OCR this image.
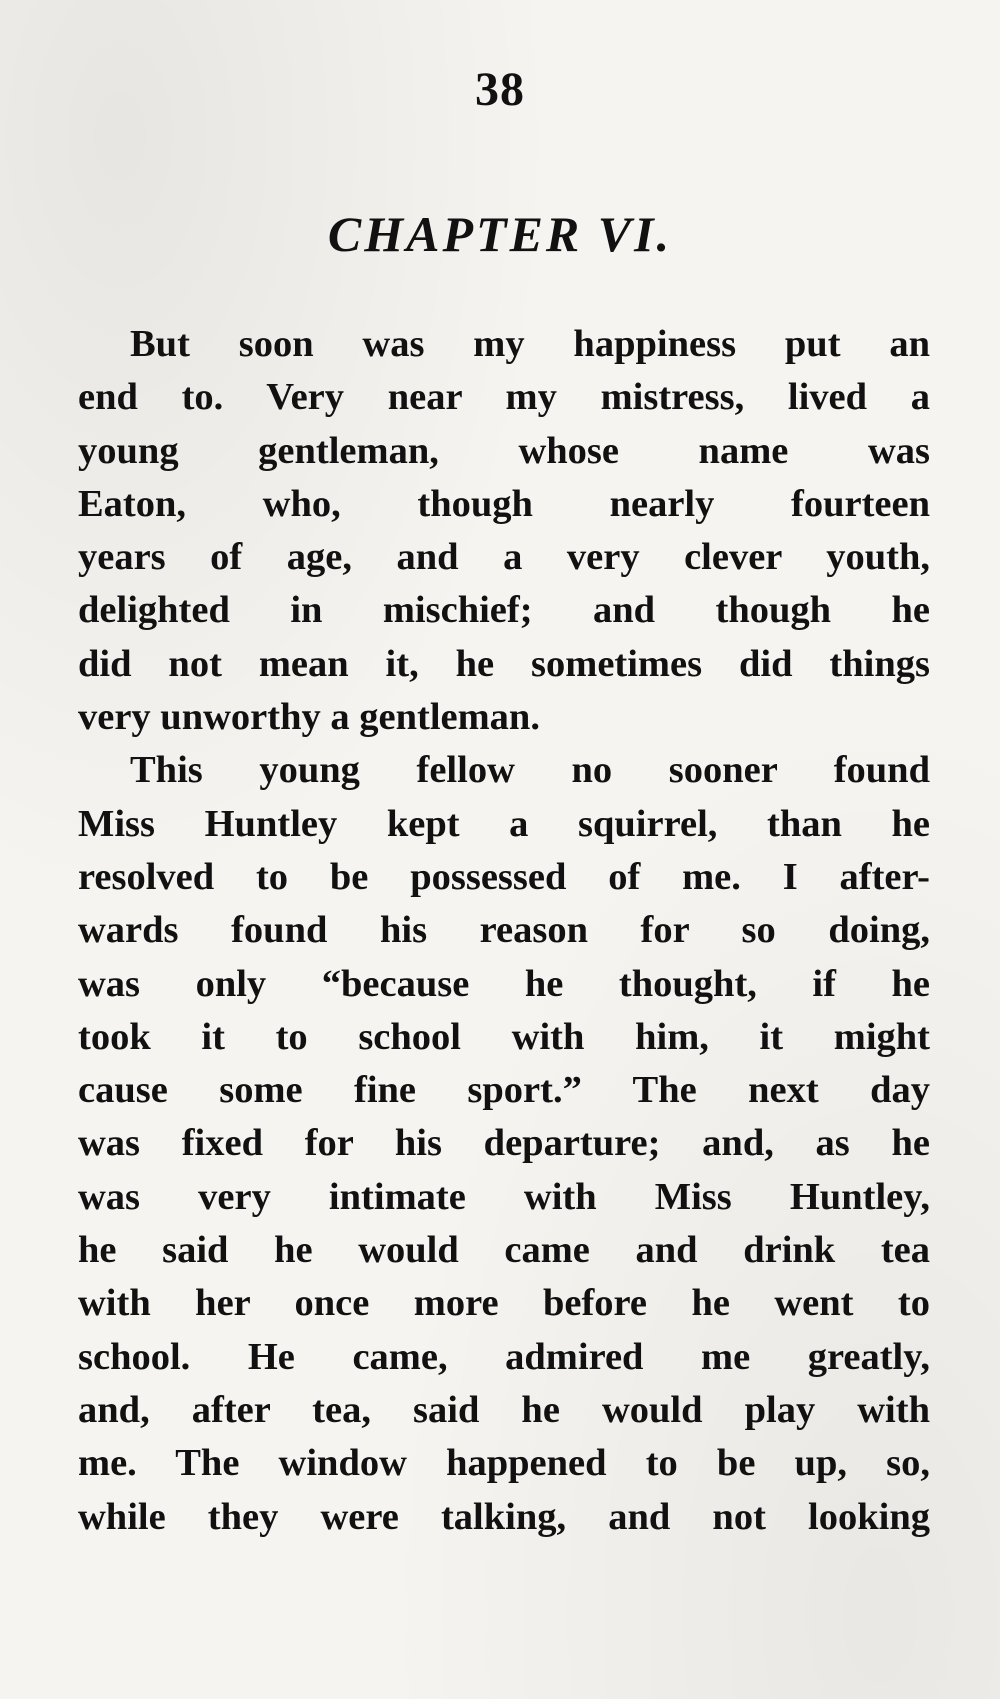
38
CHAPTER VI.
But soon was my happiness put an
end to. Very near my mistress, lived a
young gentleman, whose name was
Eaton, who, though nearly fourteen
years of age, and a very clever youth,
delighted in mischief; and though he
did not mean it, he sometimes did things
very unworthy a gentleman.
This young fellow no sooner found
Miss Huntley kept a squirrel, than he
resolved to be possessed of me. I after-
wards found his reason for so doing,
was only “because he thought, if he
took it to school with him, it might
cause some fine sport.” The next day
was fixed for his departure; and, as he
was very intimate with Miss Huntley,
he said he would came and drink tea
with her once more before he went to
school. He came, admired me greatly,
and, after tea, said he would play with
me. The window happened to be up, so,
while they were talking, and not looking
